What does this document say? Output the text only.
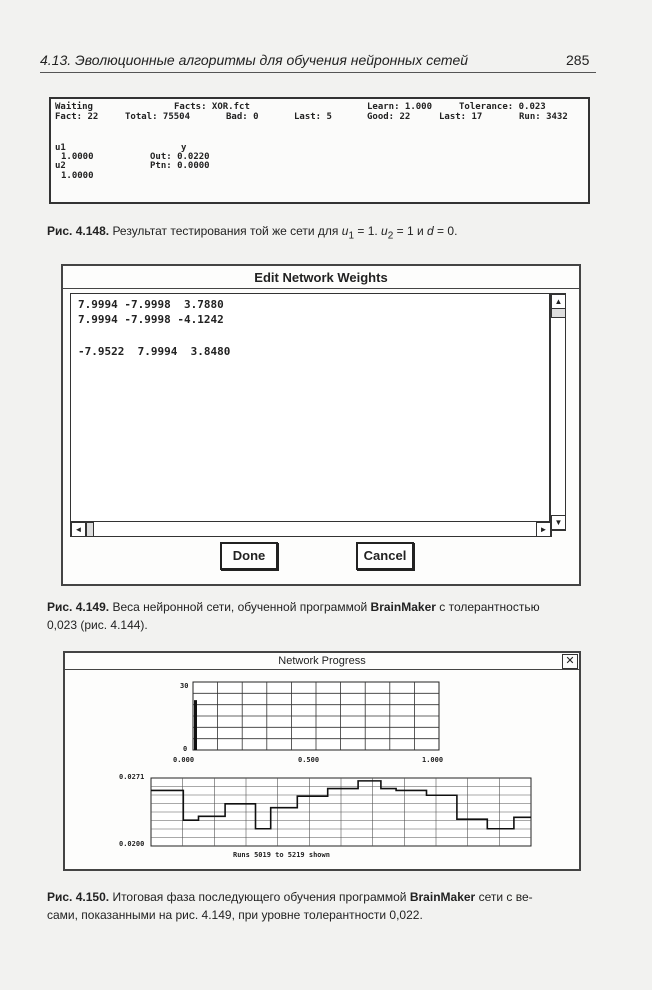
4.13. Эволюционные алгоритмы для обучения нейронных сетей	285
Waiting	Facts: XOR.fct	Learn: 1.000	Tolerance: 0.023
Fact: 22	Total: 75504	Bad: 0	Last: 5	Good: 22	Last: 17	Run: 3432
u1	y
1.0000	Out: 0.0220
u2	Ptn: 0.0000
1.0000
Рис. 4.148. Результат тестирования той же сети для $u_1 = 1$. $u_2 = 1$ и d = 0.
Edit Network Weights
7.9994 -7.9998  3.7880
7.9994 -7.9998 -4.1242
-7.9522  7.9994  3.8480
▲
▼
◄	►
Done	Cancel
Рис. 4.149. Веса нейронной сети, обученной программой BrainMaker с толерантностью
0,023 (рис. 4.144).
Network Progress	✕
30
0
0.000	0.500	1.000
0.0271
0.0200
Runs 5019 to 5219 shown
Рис. 4.150. Итоговая фаза последующего обучения программой BrainMaker сети с ве-
сами, показанными на рис. 4.149, при уровне толерантности 0,022.
